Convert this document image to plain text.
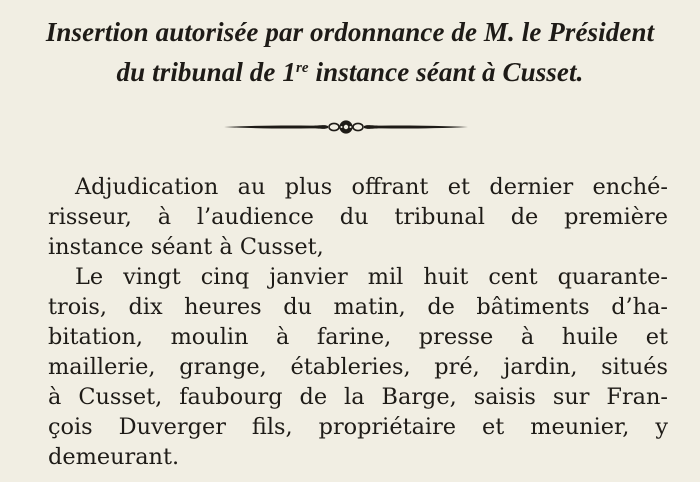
Insertion autorisée par ordonnance de M. le Président
du tribunal de 1re instance séant à Cusset.
Adjudication au plus offrant et dernier enché-
risseur, à l’audience du tribunal de première
instance séant à Cusset,
Le vingt cinq janvier mil huit cent quarante-
trois, dix heures du matin, de bâtiments d’ha-
bitation, moulin à farine, presse à huile et
maillerie, grange, étableries, pré, jardin, situés
à Cusset, faubourg de la Barge, saisis sur Fran-
çois Duverger fils, propriétaire et meunier, y
demeurant.
